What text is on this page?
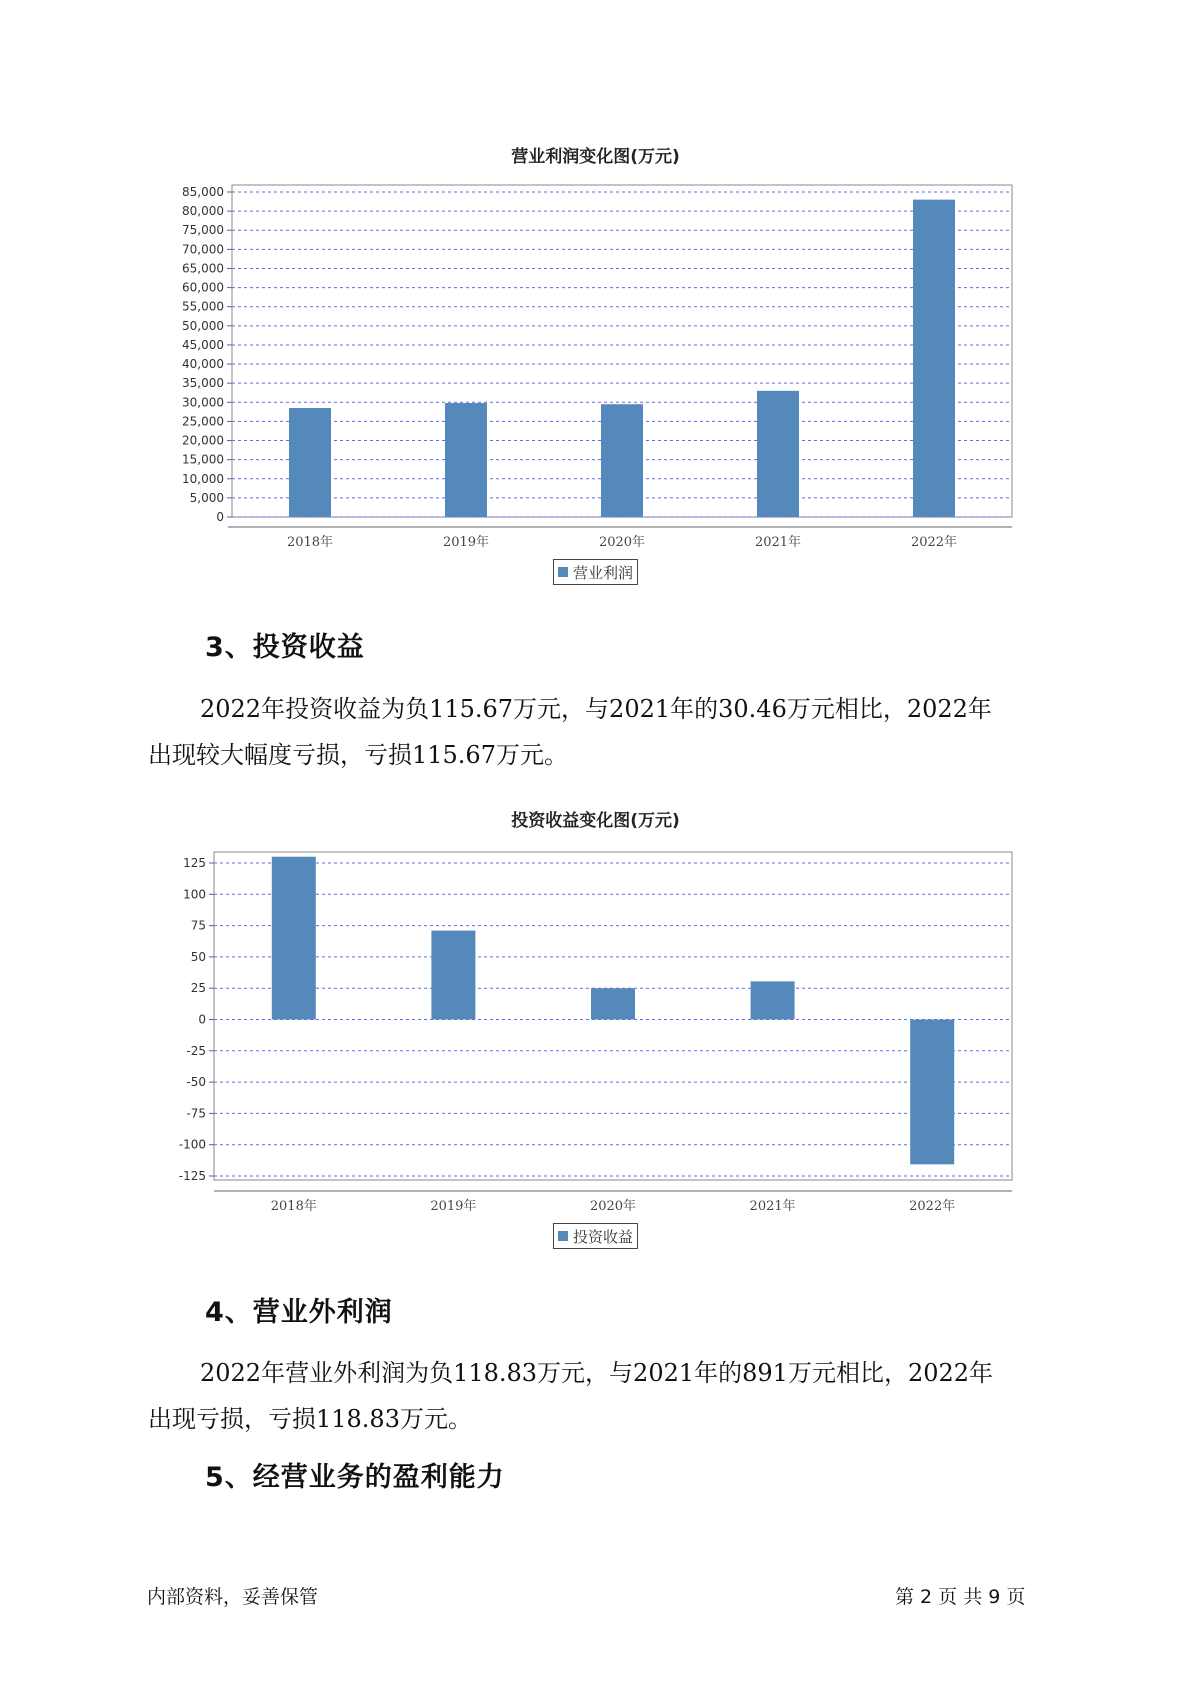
营业利润变化图(万元)
0
5,000
10,000
15,000
20,000
25,000
30,000
35,000
40,000
45,000
50,000
55,000
60,000
65,000
70,000
75,000
80,000
85,000
2018年	2019年	2020年	2021年	2022年
营业利润
3、投资收益
2022年投资收益为负115.67万元，与2021年的30.46万元相比，2022年
出现较大幅度亏损，亏损115.67万元。
投资收益变化图(万元)
-125
-100
-75
-50
-25
0
25
50
75
100
125
2018年	2019年	2020年	2021年	2022年
投资收益
4、营业外利润
2022年营业外利润为负118.83万元，与2021年的891万元相比，2022年
出现亏损，亏损118.83万元。
5、经营业务的盈利能力
内部资料，妥善保管	第 2 页 共 9 页
